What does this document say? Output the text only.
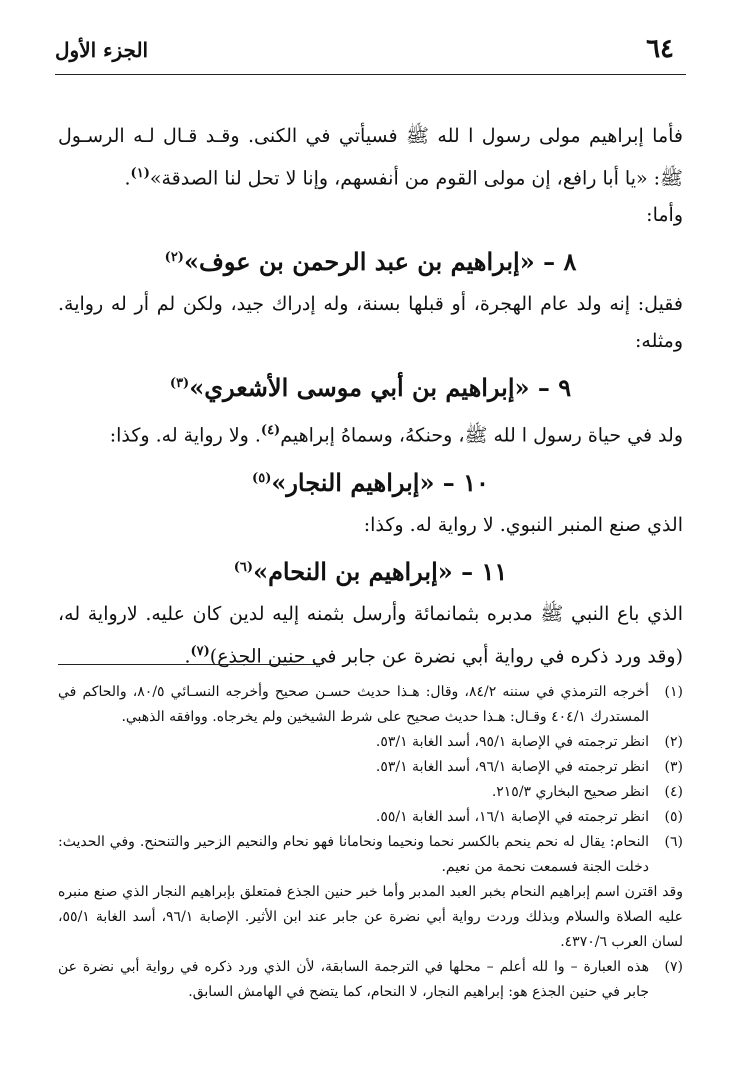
٦٤
الجزء الأول

فأما إبراهيم مولى رسول ا لله ﷺ فسيأتي في الكنى. وقـد قـال لـه الرسـول ﷺ: «يا أبا رافع، إن مولى القوم من أنفسهم، وإنا لا تحل لنا الصدقة»$^{(١)}$.

وأما:

٨ – «إبراهيم بن عبد الرحمن بن عوف»$^{(٢)}$

فقيل: إنه ولد عام الهجرة، أو قبلها بسنة، وله إدراك جيد، ولكن لم أر له رواية. ومثله:

٩ – «إبراهيم بن أبي موسى الأشعري»$^{(٣)}$

ولد في حياة رسول ا لله ﷺ، وحنكهُ، وسماهُ إبراهيم$^{(٤)}$. ولا رواية له. وكذا:

١٠ – «إبراهيم النجار»$^{(٥)}$

الذي صنع المنبر النبوي. لا رواية له. وكذا:

١١ – «إبراهيم بن النحام»$^{(٦)}$

الذي باع النبي ﷺ مدبره بثمانمائة وأرسل بثمنه إليه لدين كان عليه. لارواية له، (وقد ورد ذكره في رواية أبي نضرة عن جابر في حنين الجذع)$^{(٧)}$.

(١)
أخرجه الترمذي في سننه ٨٤/٢، وقال: هـذا حديث حسـن صحيح وأخرجه النسـائي ٨٠/٥، والحاكم في المستدرك ٤٠٤/١ وقـال: هـذا حديث صحيح على شرط الشيخين ولم يخرجاه. ووافقه الذهبي.
(٢)
انظر ترجمته في الإصابة ٩٥/١، أسد الغابة ٥٣/١.
(٣)
انظر ترجمته في الإصابة ٩٦/١، أسد الغابة ٥٣/١.
(٤)
انظر صحيح البخاري ٢١٥/٣.
(٥)
انظر ترجمته في الإصابة ١٦/١، أسد الغابة ٥٥/١.
(٦)
النحام: يقال له نحم ينحم بالكسر نحما ونحيما ونحامانا فهو نحام والنحيم الزحير والتنحنح. وفي الحديث: دخلت الجنة فسمعت نحمة من نعيم.
وقد اقترن اسم إبراهيم النحام بخبر العبد المدبر وأما خبر حنين الجذع فمتعلق بإبراهيم النجار الذي صنع منبره عليه الصلاة والسلام وبذلك وردت رواية أبي نضرة عن جابر عند ابن الأثير. الإصابة ٩٦/١، أسد الغابة ٥٥/١، لسان العرب ٤٣٧٠/٦.
(٧)
هذه العبارة – وا لله أعلم – محلها في الترجمة السابقة، لأن الذي ورد ذكره في رواية أبي نضرة عن جابر في حنين الجذع هو: إبراهيم النجار، لا النحام، كما يتضح في الهامش السابق.
